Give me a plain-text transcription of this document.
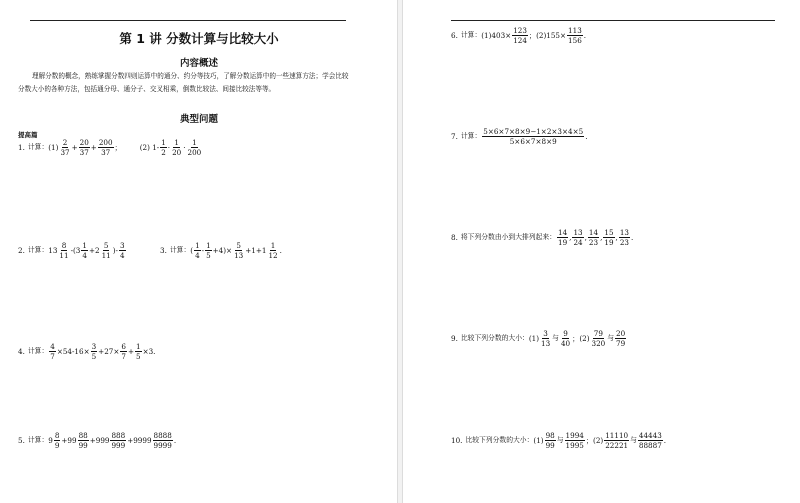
第 1 讲 分数计算与比较大小
内容概述
理解分数的概念，熟练掌握分数四则运算中的通分、约分等技巧，了解分数运算中的一些速算方法；学会比较分数大小的各种方法，包括通分母、通分子、交叉相乘，倒数比较法、间接比较法等等。
典型问题
提高篇
1. 计算： $(1) \frac{2}{37} + \frac{20}{37} + \frac{200}{37}$ ；	(2) $1- \frac{1}{2} \cdot \frac{1}{20} \cdot \frac{1}{200}$
2. 计算： $13 \frac{8}{11} -(3 \frac{1}{4} +2 \frac{5}{11}$ )- $\frac{3}{4}$	3. 计算： ( $\frac{1}{4} - \frac{1}{5} +4)\times \frac{5}{13} +1+1 \frac{1}{12}$ .
4. 计算： $\frac{4}{7} \times 54-16\times \frac{3}{5} +27\times \frac{6}{7} + \frac{1}{5} \times 3$.
5. 计算： $9 \frac{8}{9} +99 \frac{88}{99} +999 \frac{888}{999} +9999 \frac{8888}{9999}$ .
6. 计算： $(1)403\times \frac{123}{124}$ ； $(2)155\times \frac{113}{156}$ .
7. 计算： $\frac{5\times 6\times 7\times 8\times 9-1\times 2\times 3\times 4\times 5}{5\times 6\times 7\times 8\times 9}$ .
8. 将下列分数由小到大排列起来： $\frac{14}{19}$ , $\frac{13}{24}$ , $\frac{14}{23}$ , $\frac{15}{19}$ , $\frac{13}{23}$ .
9. 比较下列分数的大小： $(1) \frac{3}{13}$ 与 $\frac{9}{40}$ ； $(2) \frac{79}{320}$ 与 $\frac{20}{79}$
10. 比较下列分数的大小： $(1) \frac{98}{99}$ 与 $\frac{1994}{1995}$ ； $(2) \frac{11110}{22221}$ 与 $\frac{44443}{88887}$ .
